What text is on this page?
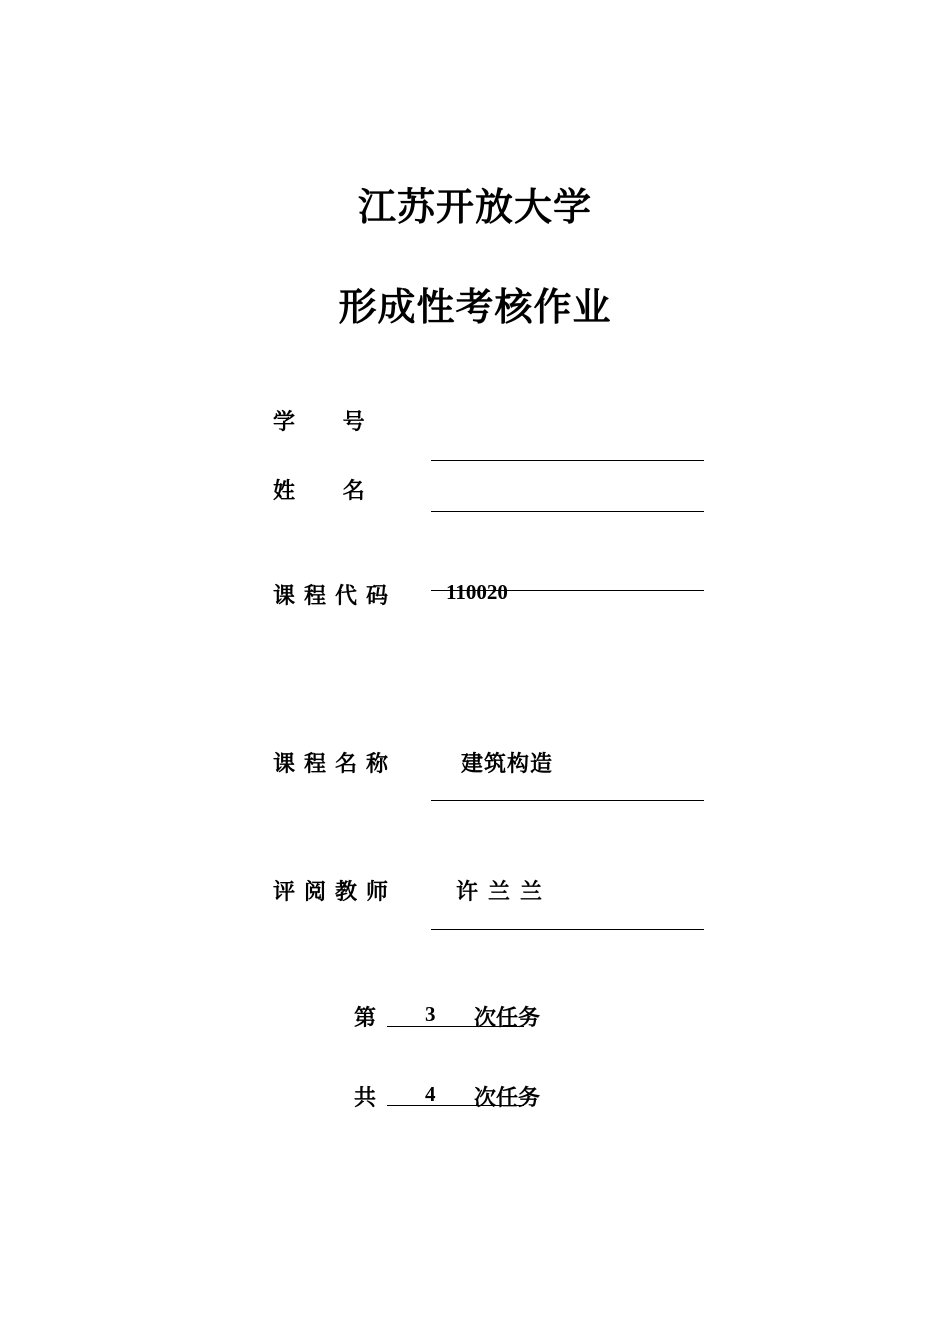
江苏开放大学
形成性考核作业
学 号
姓 名
课程代码 110020
课程名称	建筑构造
评阅教师	许兰兰
第 3 次任务
共 4 次任务
